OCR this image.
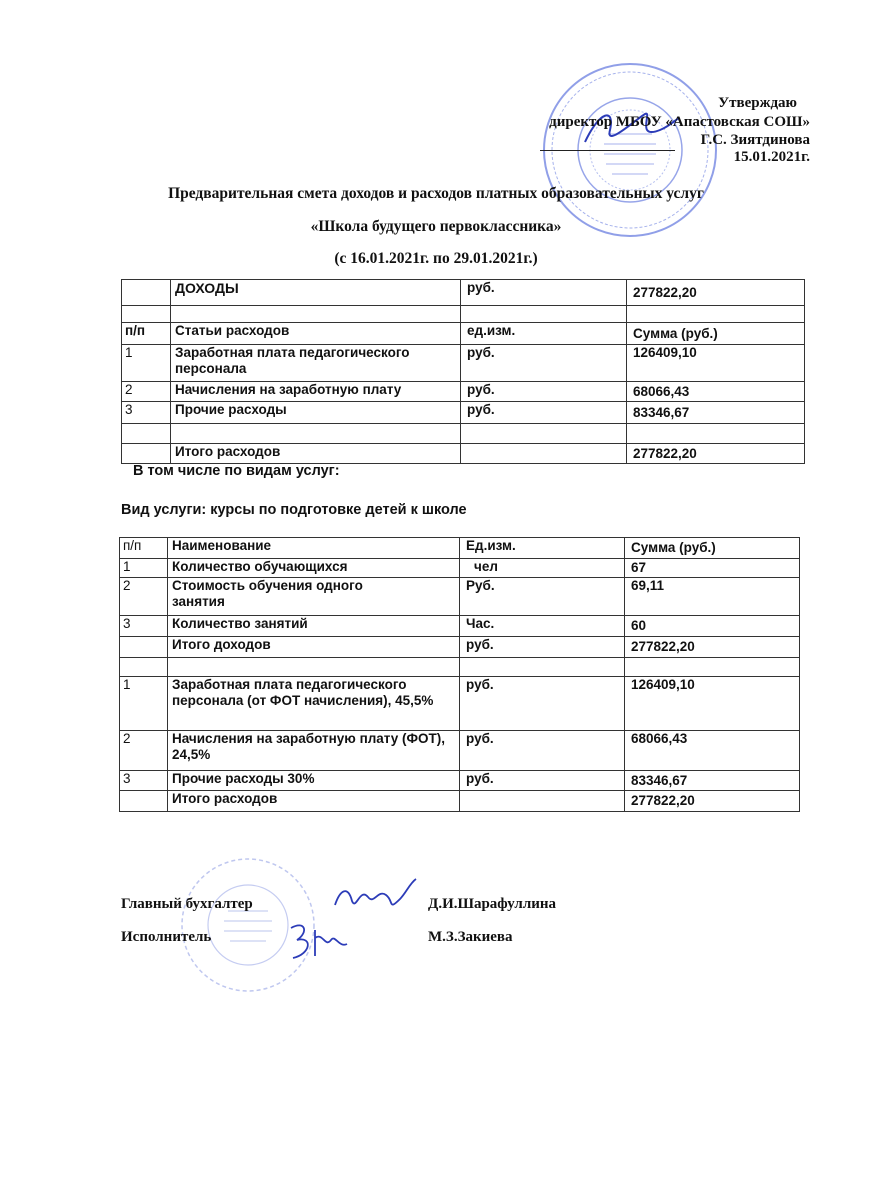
Утверждаю
директор МБОУ «Апастовская СОШ»
Г.С. Зиятдинова
15.01.2021г.
Предварительная смета доходов и расходов платных образовательных услуг
«Школа будущего первоклассника»
(с 16.01.2021г. по 29.01.2021г.)
	ДОХОДЫ	руб.	277822,20

п/п	Статьи расходов	ед.изм.	Сумма (руб.)
1	Заработная плата педагогического персонала	руб.	126409,10
2	Начисления на заработную плату	руб.	68066,43
3	Прочие расходы	руб.	83346,67

	Итого расходов		277822,20
В том числе по видам услуг:
Вид услуги: курсы по подготовке детей к школе
п/п	Наименование	Ед.изм.	Сумма (руб.)
1	Количество обучающихся	чел	67
2	Стоимость обучения одного занятия	Руб.	69,11
3	Количество занятий	Час.	60
	Итого доходов	руб.	277822,20

1	Заработная плата педагогического персонала (от ФОТ начисления), 45,5%	руб.	126409,10
2	Начисления на заработную плату (ФОТ), 24,5%	руб.	68066,43
3	Прочие расходы 30%	руб.	83346,67
	Итого расходов		277822,20
Главный бухгалтер	Д.И.Шарафуллина
Исполнитель	М.З.Закиева
